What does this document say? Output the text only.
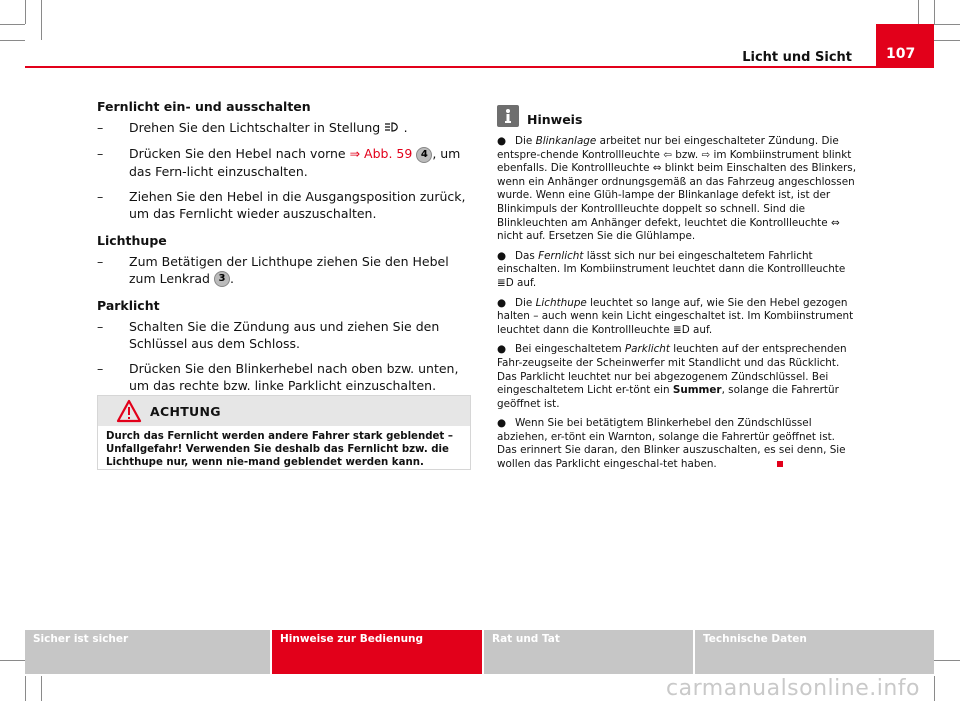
Licht und Sicht	107
Fernlicht ein- und ausschalten
– Drehen Sie den Lichtschalter in Stellung .
– Drücken Sie den Hebel nach vorne ⇒ Abb. 59 4 , um das Fern-licht einzuschalten.
– Ziehen Sie den Hebel in die Ausgangsposition zurück, um das Fernlicht wieder auszuschalten.
Lichthupe
– Zum Betätigen der Lichthupe ziehen Sie den Hebel zum Lenkrad 3 .
Parklicht
– Schalten Sie die Zündung aus und ziehen Sie den Schlüssel aus dem Schloss.
– Drücken Sie den Blinkerhebel nach oben bzw. unten, um das rechte bzw. linke Parklicht einzuschalten.
ACHTUNG
Durch das Fernlicht werden andere Fahrer stark geblendet – Unfallgefahr! Verwenden Sie deshalb das Fernlicht bzw. die Lichthupe nur, wenn nie-mand geblendet werden kann.
Hinweis
● Die Blinkanlage arbeitet nur bei eingeschalteter Zündung. Die entspre-chende Kontrollleuchte ⇦ bzw. ⇨ im Kombiinstrument blinkt ebenfalls. Die Kontrollleuchte ⇔ blinkt beim Einschalten des Blinkers, wenn ein Anhänger ordnungsgemäß an das Fahrzeug angeschlossen wurde. Wenn eine Glüh-lampe der Blinkanlage defekt ist, ist der Blinkimpuls der Kontrollleuchte doppelt so schnell. Sind die Blinkleuchten am Anhänger defekt, leuchtet die Kontrollleuchte ⇔ nicht auf. Ersetzen Sie die Glühlampe.
● Das Fernlicht lässt sich nur bei eingeschaltetem Fahrlicht einschalten. Im Kombiinstrument leuchtet dann die Kontrollleuchte ≣D auf.
● Die Lichthupe leuchtet so lange auf, wie Sie den Hebel gezogen halten – auch wenn kein Licht eingeschaltet ist. Im Kombiinstrument leuchtet dann die Kontrollleuchte ≣D auf.
● Bei eingeschaltetem Parklicht leuchten auf der entsprechenden Fahr-zeugseite der Scheinwerfer mit Standlicht und das Rücklicht. Das Parklicht leuchtet nur bei abgezogenem Zündschlüssel. Bei eingeschaltetem Licht er-tönt ein Summer, solange die Fahrertür geöffnet ist.
● Wenn Sie bei betätigtem Blinkerhebel den Zündschlüssel abziehen, er-tönt ein Warnton, solange die Fahrertür geöffnet ist. Das erinnert Sie daran, den Blinker auszuschalten, es sei denn, Sie wollen das Parklicht eingeschal-tet haben.
Sicher ist sicher	Hinweise zur Bedienung	Rat und Tat	Technische Daten
carmanualsonline.info
